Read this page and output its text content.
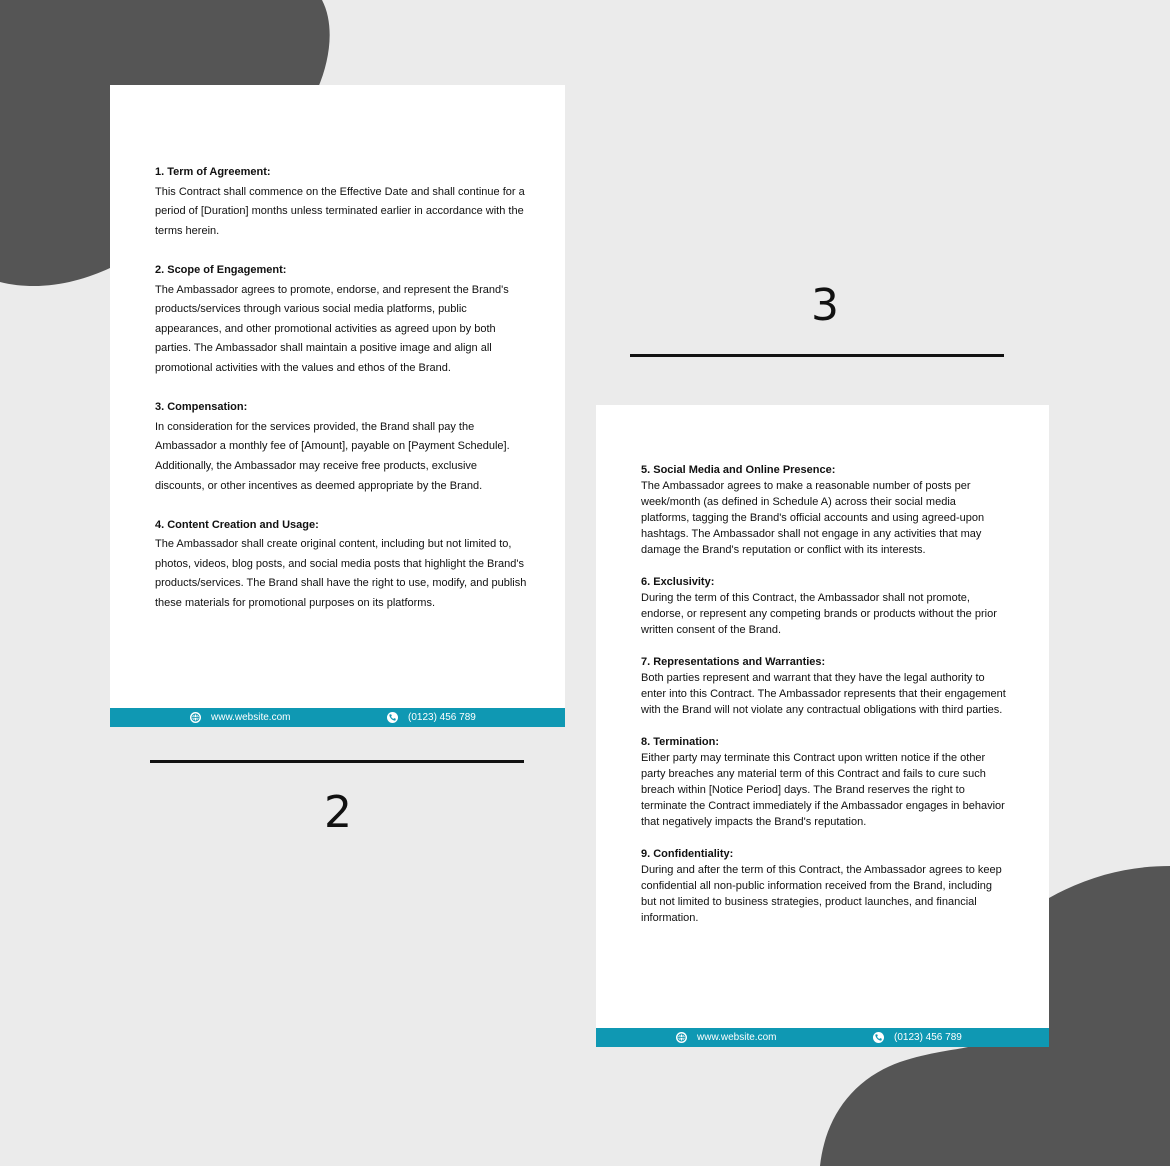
1. Term of Agreement:

This Contract shall commence on the Effective Date and shall continue for a period of [Duration] months unless terminated earlier in accordance with the terms herein.

2. Scope of Engagement:

The Ambassador agrees to promote, endorse, and represent the Brand's products/services through various social media platforms, public appearances, and other promotional activities as agreed upon by both parties. The Ambassador shall maintain a positive image and align all promotional activities with the values and ethos of the Brand.

3. Compensation:

In consideration for the services provided, the Brand shall pay the Ambassador a monthly fee of [Amount], payable on [Payment Schedule]. Additionally, the Ambassador may receive free products, exclusive discounts, or other incentives as deemed appropriate by the Brand.

4. Content Creation and Usage:

The Ambassador shall create original content, including but not limited to, photos, videos, blog posts, and social media posts that highlight the Brand's products/services. The Brand shall have the right to use, modify, and publish these materials for promotional purposes on its platforms.

www.website.com	(0123) 456 789
2
3
5. Social Media and Online Presence:

The Ambassador agrees to make a reasonable number of posts per week/month (as defined in Schedule A) across their social media platforms, tagging the Brand's official accounts and using agreed-upon hashtags. The Ambassador shall not engage in any activities that may damage the Brand's reputation or conflict with its interests.

6. Exclusivity:

During the term of this Contract, the Ambassador shall not promote, endorse, or represent any competing brands or products without the prior written consent of the Brand.

7. Representations and Warranties:

Both parties represent and warrant that they have the legal authority to enter into this Contract. The Ambassador represents that their engagement with the Brand will not violate any contractual obligations with third parties.

8. Termination:

Either party may terminate this Contract upon written notice if the other party breaches any material term of this Contract and fails to cure such breach within [Notice Period] days. The Brand reserves the right to terminate the Contract immediately if the Ambassador engages in behavior that negatively impacts the Brand's reputation.

9. Confidentiality:

During and after the term of this Contract, the Ambassador agrees to keep confidential all non-public information received from the Brand, including but not limited to business strategies, product launches, and financial information.

www.website.com	(0123) 456 789
